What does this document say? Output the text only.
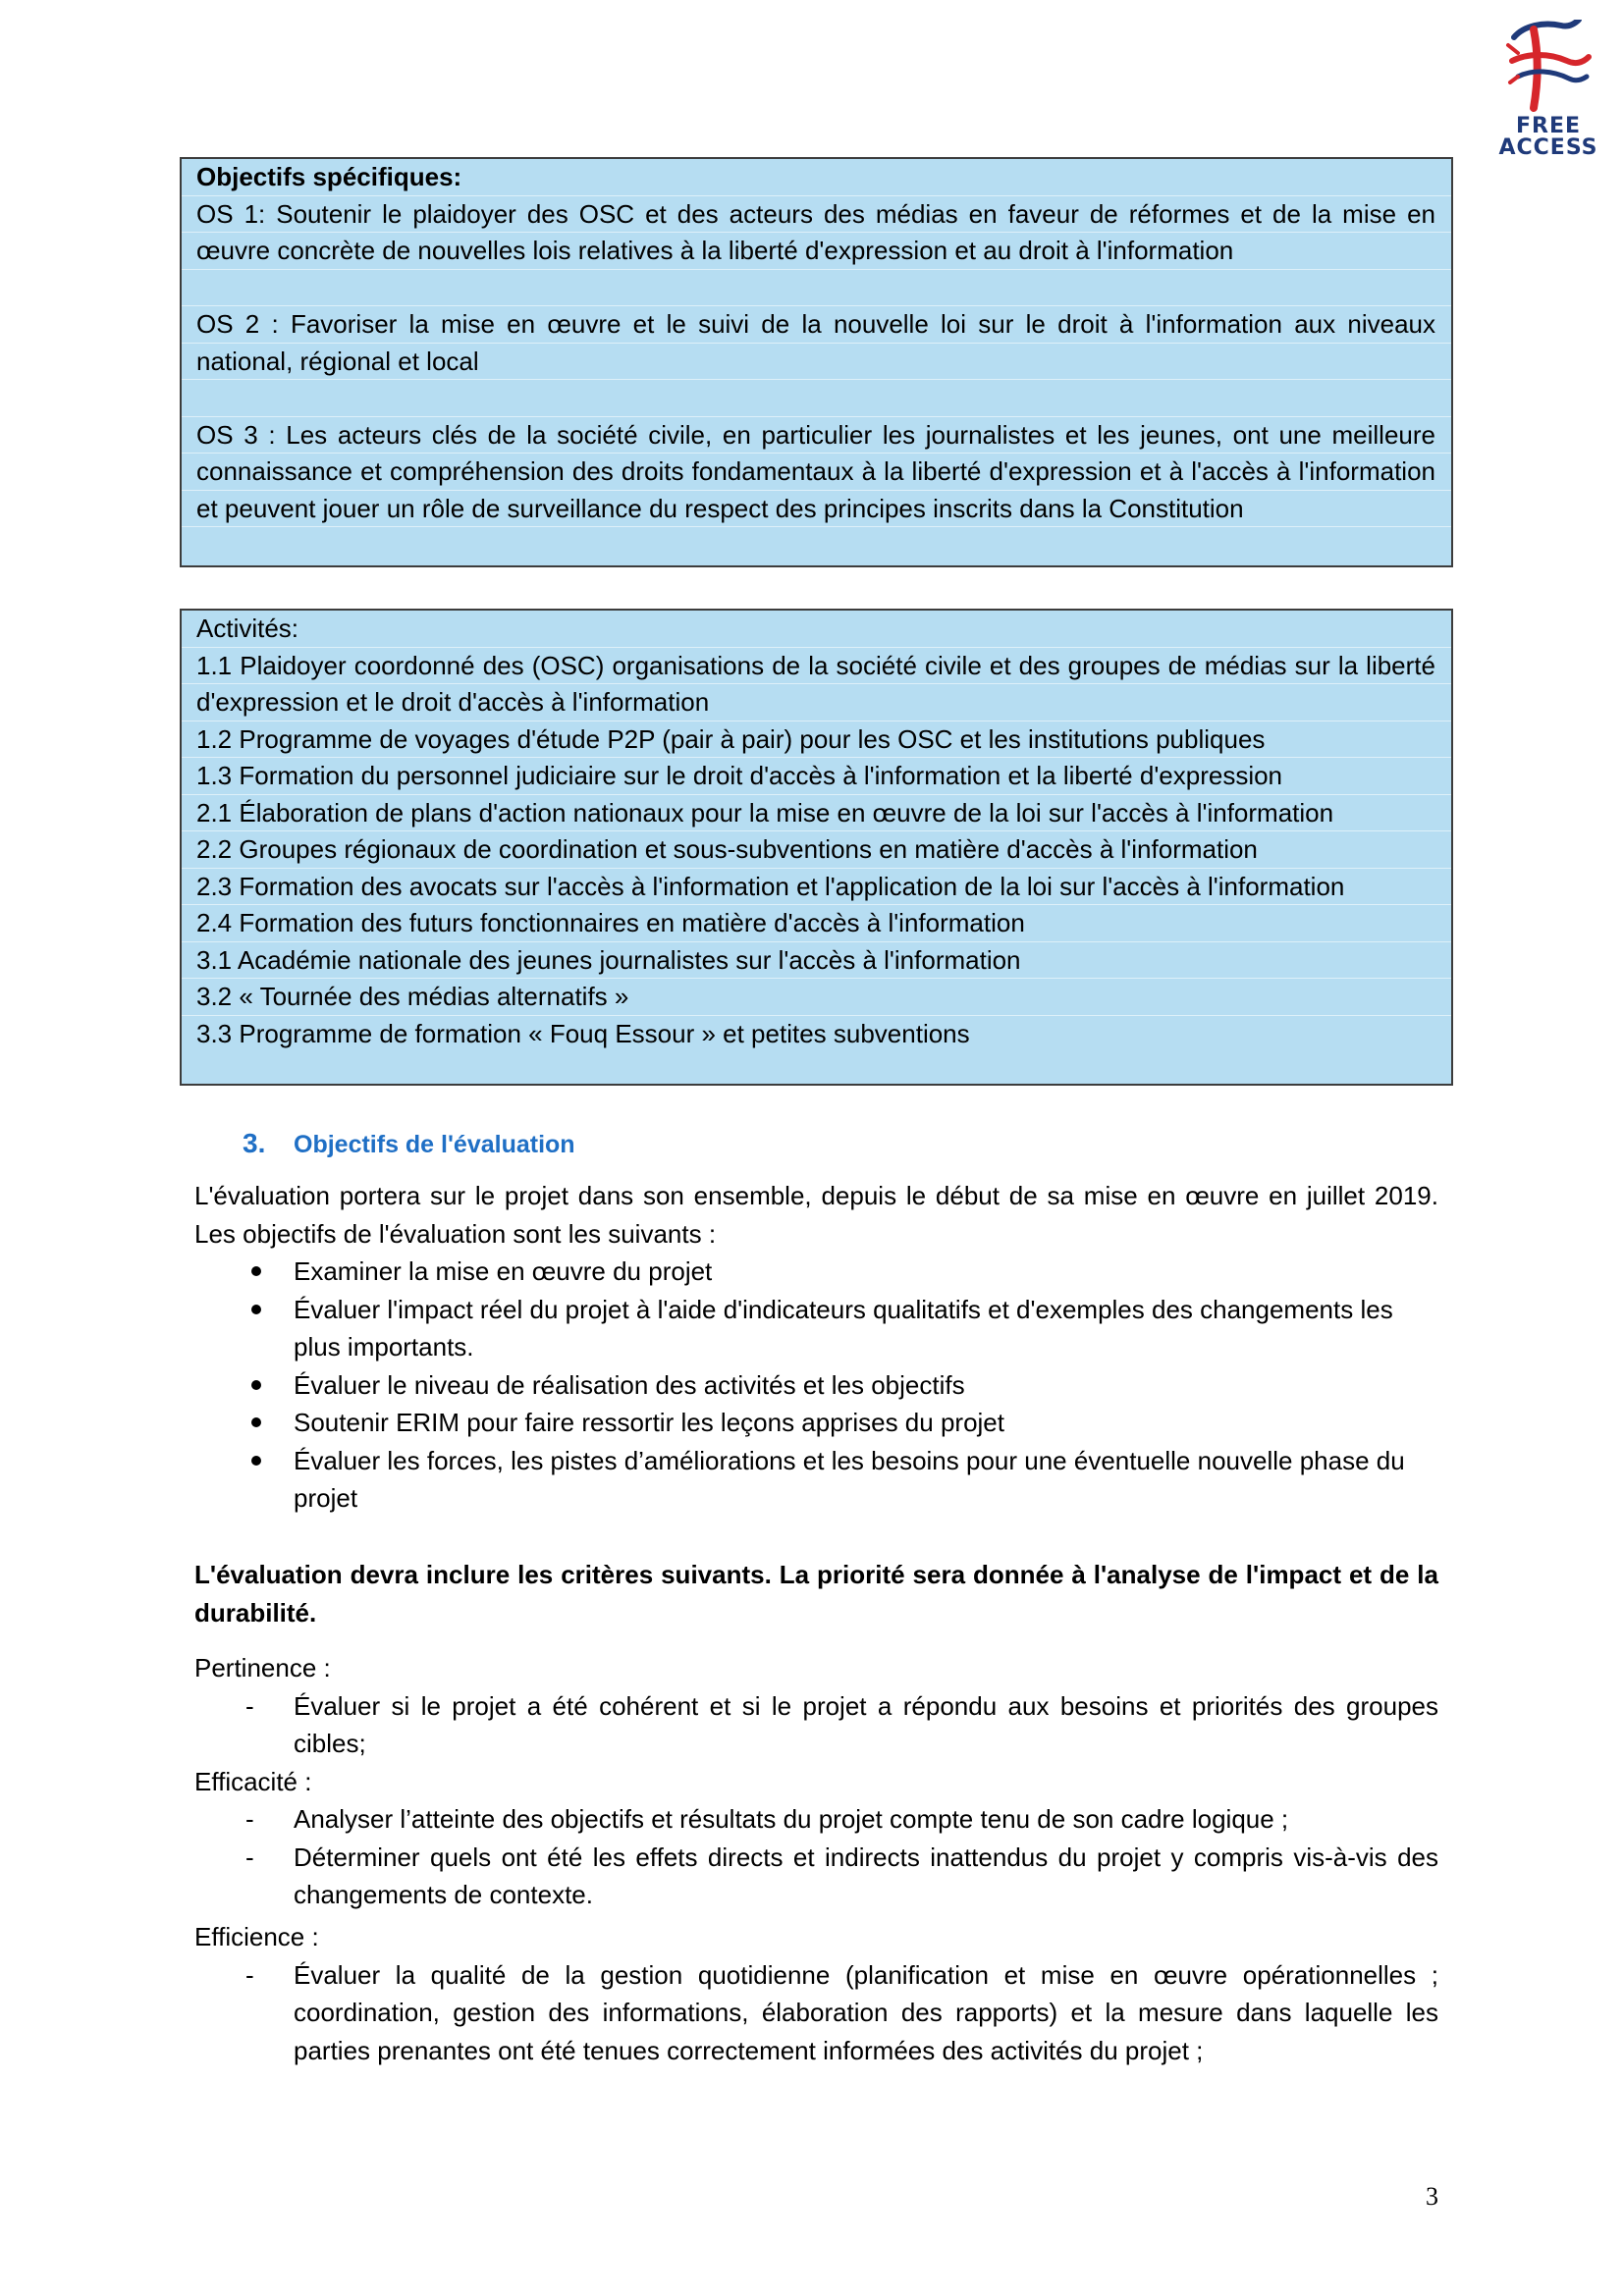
FREE
ACCESS

Objectifs spécifiques:

OS 1: Soutenir le plaidoyer des OSC et des acteurs des médias en faveur de réformes et de la mise en œuvre concrète de nouvelles lois relatives à la liberté d'expression et au droit à l'information

OS 2 : Favoriser la mise en œuvre et le suivi de la nouvelle loi sur le droit à l'information aux niveaux national, régional et local

OS 3 : Les acteurs clés de la société civile, en particulier les journalistes et les jeunes, ont une meilleure connaissance et compréhension des droits fondamentaux à la liberté d'expression et à l'accès à l'information et peuvent jouer un rôle de surveillance du respect des principes inscrits dans la Constitution

Activités:

1.1 Plaidoyer coordonné des (OSC) organisations de la société civile et des groupes de médias sur la liberté d'expression et le droit d'accès à l'information

1.2 Programme de voyages d'étude P2P (pair à pair) pour les OSC et les institutions publiques

1.3 Formation du personnel judiciaire sur le droit d'accès à l'information et la liberté d'expression

2.1 Élaboration de plans d'action nationaux pour la mise en œuvre de la loi sur l'accès à l'information

2.2 Groupes régionaux de coordination et sous-subventions en matière d'accès à l'information

2.3 Formation des avocats sur l'accès à l'information et l'application de la loi sur l'accès à l'information

2.4 Formation des futurs fonctionnaires en matière d'accès à l'information

3.1 Académie nationale des jeunes journalistes sur l'accès à l'information

3.2 « Tournée des médias alternatifs »

3.3 Programme de formation « Fouq Essour » et petites subventions

3. Objectifs de l'évaluation

L'évaluation portera sur le projet dans son ensemble, depuis le début de sa mise en œuvre en juillet 2019. Les objectifs de l'évaluation sont les suivants :

Examiner la mise en œuvre du projet
Évaluer l'impact réel du projet à l'aide d'indicateurs qualitatifs et d'exemples des changements les plus importants.
Évaluer le niveau de réalisation des activités et les objectifs
Soutenir ERIM pour faire ressortir les leçons apprises du projet
Évaluer les forces, les pistes d’améliorations et les besoins pour une éventuelle nouvelle phase du projet

L'évaluation devra inclure les critères suivants. La priorité sera donnée à l'analyse de l'impact et de la durabilité.

Pertinence :

- Évaluer si le projet a été cohérent et si le projet a répondu aux besoins et priorités des groupes cibles;

Efficacité :

- Analyser l’atteinte des objectifs et résultats du projet compte tenu de son cadre logique ;
- Déterminer quels ont été les effets directs et indirects inattendus du projet y compris vis-à-vis des changements de contexte.

Efficience :

- Évaluer la qualité de la gestion quotidienne (planification et mise en œuvre opérationnelles ; coordination, gestion des informations, élaboration des rapports) et la mesure dans laquelle les parties prenantes ont été tenues correctement informées des activités du projet ;
3
